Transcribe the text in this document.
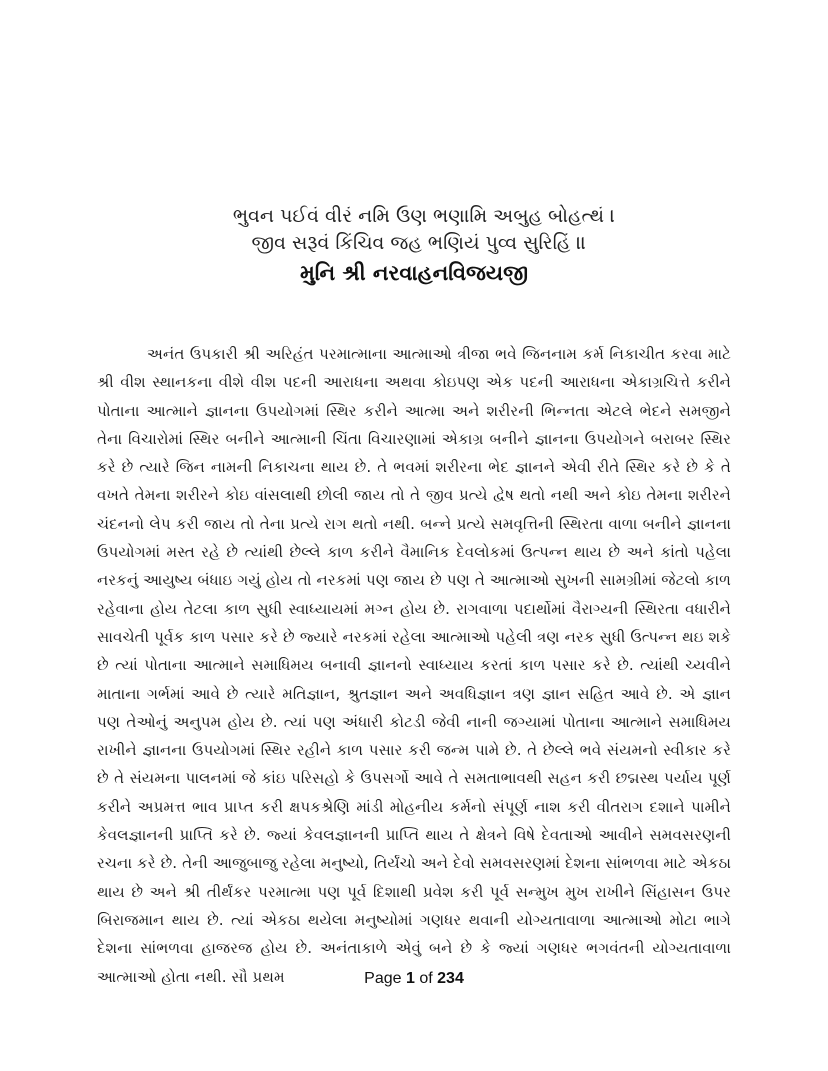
ભુવન પઈવં વીરં નમિ ઉણ ભણામિ અબુહ બોહત્થં ।
જીવ સરૂવં કિંચિવ જહ ભણિયં પુવ્વ સુરિહિં ॥
મુનિ શ્રી નરવાહનવિજયજી

અનંત ઉપકારી શ્રી અરિહંત પરમાત્માના આત્માઓ ત્રીજા ભવે જિનનામ કર્મ નિકાચીત કરવા માટે શ્રી વીશ સ્થાનકના વીશે વીશ પદની આરાધના અથવા કોઇપણ એક પદની આરાધના એકાગ્રચિત્તે કરીને પોતાના આત્માને જ્ઞાનના ઉપયોગમાં સ્થિર કરીને આત્મા અને શરીરની ભિન્નતા એટલે ભેદને સમજીને તેના વિચારોમાં સ્થિર બનીને આત્માની ચિંતા વિચારણામાં એકાગ્ર બનીને જ્ઞાનના ઉપયોગને બરાબર સ્થિર કરે છે ત્યારે જિન નામની નિકાચના થાય છે. તે ભવમાં શરીરના ભેદ જ્ઞાનને એવી રીતે સ્થિર કરે છે કે તે વખતે તેમના શરીરને કોઇ વાંસલાથી છોલી જાય તો તે જીવ પ્રત્યે દ્વેષ થતો નથી અને કોઇ તેમના શરીરને ચંદનનો લેપ કરી જાય તો તેના પ્રત્યે રાગ થતો નથી. બન્ને પ્રત્યે સમવૃત્તિની સ્થિરતા વાળા બનીને જ્ઞાનના ઉપયોગમાં મસ્ત રહે છે ત્યાંથી છેલ્લે કાળ કરીને વૈમાનિક દેવલોકમાં ઉત્પન્ન થાય છે અને કાંતો પહેલા નરકનું આયુષ્ય બંધાઇ ગયું હોય તો નરકમાં પણ જાય છે પણ તે આત્માઓ સુખની સામગ્રીમાં જેટલો કાળ રહેવાના હોય તેટલા કાળ સુધી સ્વાધ્યાયમાં મગ્ન હોય છે. રાગવાળા પદાર્થોમાં વૈરાગ્યની સ્થિરતા વધારીને સાવચેતી પૂર્વક કાળ પસાર કરે છે જ્યારે નરકમાં રહેલા આત્માઓ પહેલી ત્રણ નરક સુધી ઉત્પન્ન થઇ શકે છે ત્યાં પોતાના આત્માને સમાધિમય બનાવી જ્ઞાનનો સ્વાધ્યાય કરતાં કાળ પસાર કરે છે. ત્યાંથી ચ્યવીને માતાના ગર્ભમાં આવે છે ત્યારે મતિજ્ઞાન, શ્રુતજ્ઞાન અને અવધિજ્ઞાન ત્રણ જ્ઞાન સહિત આવે છે. એ જ્ઞાન પણ તેઓનું અનુપમ હોય છે. ત્યાં પણ અંધારી કોટડી જેવી નાની જગ્યામાં પોતાના આત્માને સમાધિમય રાખીને જ્ઞાનના ઉપયોગમાં સ્થિર રહીને કાળ પસાર કરી જન્મ પામે છે. તે છેલ્લે ભવે સંયમનો સ્વીકાર કરે છે તે સંયમના પાલનમાં જે કાંઇ પરિસહો કે ઉપસર્ગો આવે તે સમતાભાવથી સહન કરી છદ્મસ્થ પર્યાય પૂર્ણ કરીને અપ્રમત્ત ભાવ પ્રાપ્ત કરી ક્ષપકશ્રેણિ માંડી મોહનીય કર્મનો સંપૂર્ણ નાશ કરી વીતરાગ દશાને પામીને કેવલજ્ઞાનની પ્રાપ્તિ કરે છે. જ્યાં કેવલજ્ઞાનની પ્રાપ્તિ થાય તે ક્ષેત્રને વિષે દેવતાઓ આવીને સમવસરણની રચના કરે છે. તેની આજુબાજુ રહેલા મનુષ્યો, તિર્યંચો અને દેવો સમવસરણમાં દેશના સાંભળવા માટે એકઠા થાય છે અને શ્રી તીર્થંકર પરમાત્મા પણ પૂર્વ દિશાથી પ્રવેશ કરી પૂર્વ સન્મુખ મુખ રાખીને સિંહાસન ઉપર બિરાજમાન થાય છે. ત્યાં એકઠા થયેલા મનુષ્યોમાં ગણધર થવાની યોગ્યતાવાળા આત્માઓ મોટા ભાગે દેશના સાંભળવા હાજરજ હોય છે. અનંતાકાળે એવું બને છે કે જ્યાં ગણધર ભગવંતની યોગ્યતાવાળા આત્માઓ હોતા નથી. સૌ પ્રથમ	Page 1 of 234
